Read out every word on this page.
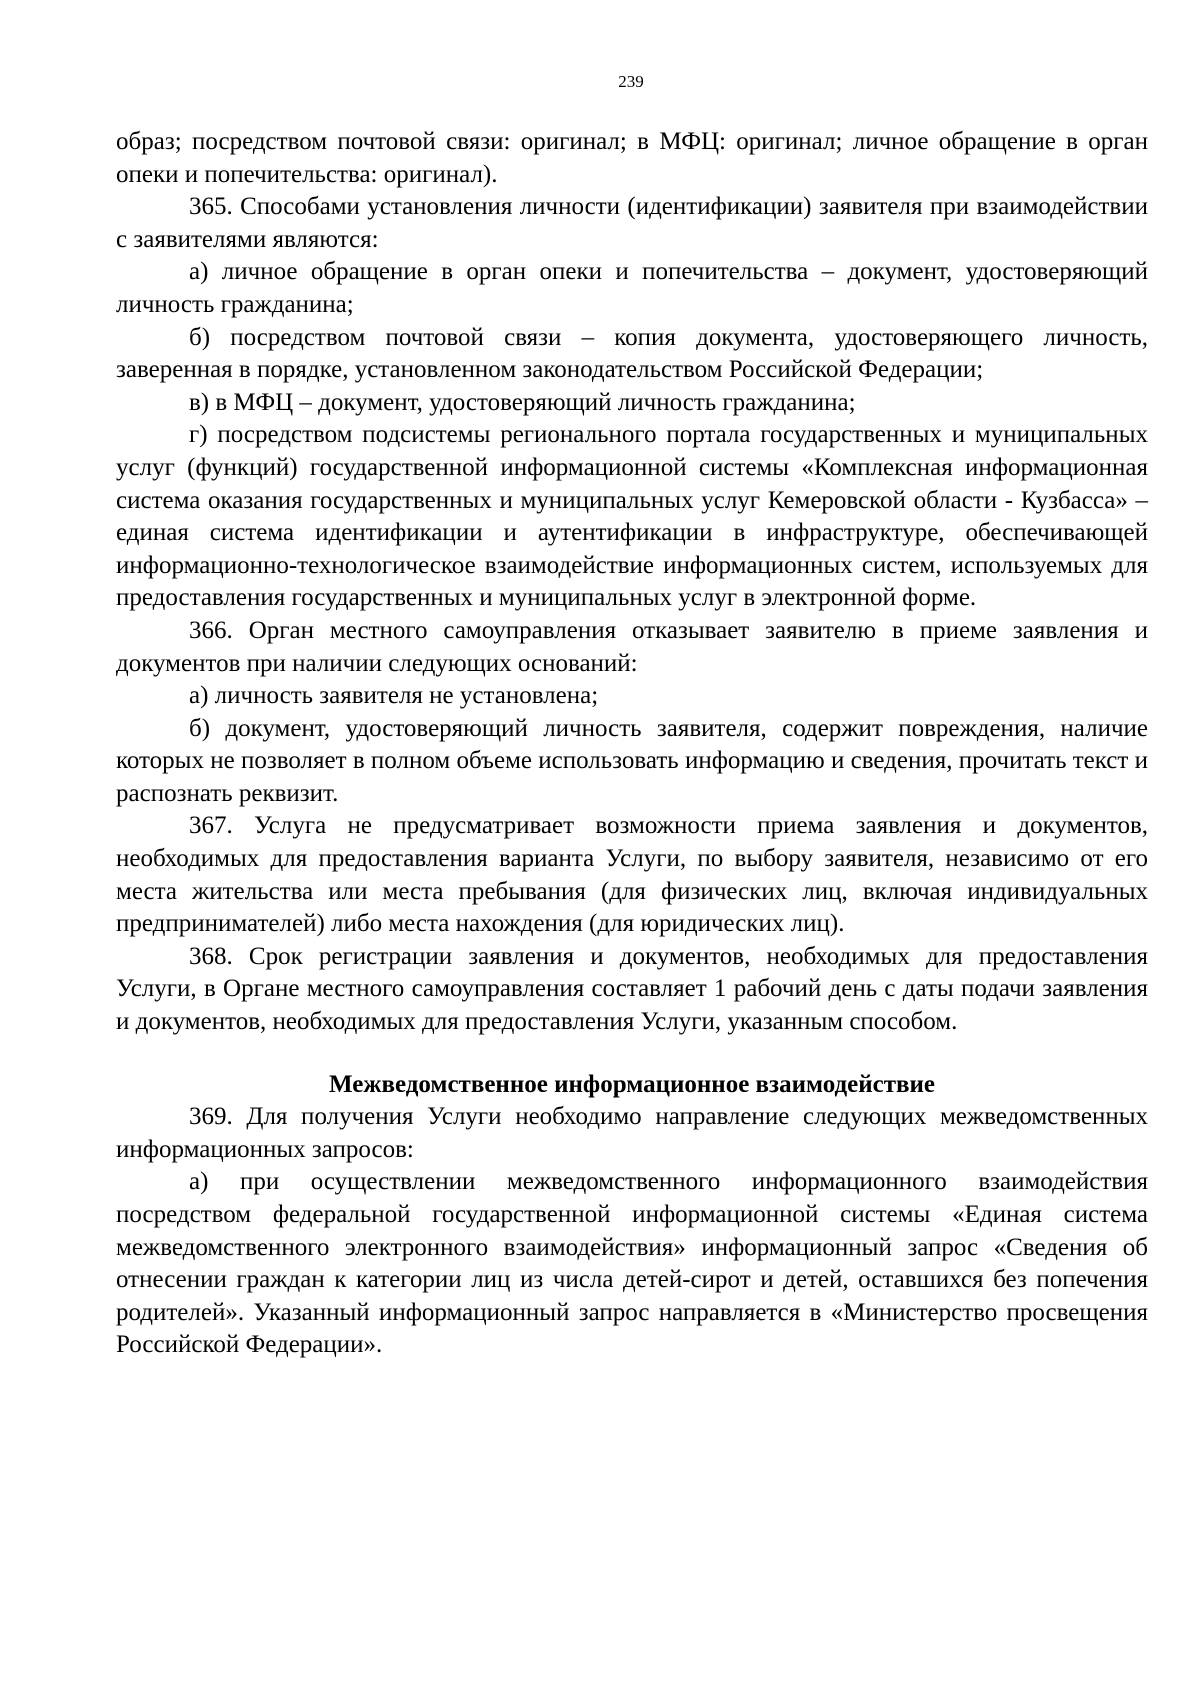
239

образ; посредством почтовой связи: оригинал; в МФЦ: оригинал; личное обращение в орган опеки и попечительства: оригинал).

365. Способами установления личности (идентификации) заявителя при взаимодействии с заявителями являются:

а) личное обращение в орган опеки и попечительства – документ, удостоверяющий личность гражданина;

б) посредством почтовой связи – копия документа, удостоверяющего личность, заверенная в порядке, установленном законодательством Российской Федерации;

в) в МФЦ – документ, удостоверяющий личность гражданина;

г) посредством подсистемы регионального портала государственных и муниципальных услуг (функций) государственной информационной системы «Комплексная информационная система оказания государственных и муниципальных услуг Кемеровской области - Кузбасса» – единая система идентификации и аутентификации в инфраструктуре, обеспечивающей информационно-технологическое взаимодействие информационных систем, используемых для предоставления государственных и муниципальных услуг в электронной форме.

366. Орган местного самоуправления отказывает заявителю в приеме заявления и документов при наличии следующих оснований:

а) личность заявителя не установлена;

б) документ, удостоверяющий личность заявителя, содержит повреждения, наличие которых не позволяет в полном объеме использовать информацию и сведения, прочитать текст и распознать реквизит.

367. Услуга не предусматривает возможности приема заявления и документов, необходимых для предоставления варианта Услуги, по выбору заявителя, независимо от его места жительства или места пребывания (для физических лиц, включая индивидуальных предпринимателей) либо места нахождения (для юридических лиц).

368. Срок регистрации заявления и документов, необходимых для предоставления Услуги, в Органе местного самоуправления составляет 1 рабочий день с даты подачи заявления и документов, необходимых для предоставления Услуги, указанным способом.

Межведомственное информационное взаимодействие

369. Для получения Услуги необходимо направление следующих межведомственных информационных запросов:

а) при осуществлении межведомственного информационного взаимодействия посредством федеральной государственной информационной системы «Единая система межведомственного электронного взаимодействия» информационный запрос «Сведения об отнесении граждан к категории лиц из числа детей-сирот и детей, оставшихся без попечения родителей». Указанный информационный запрос направляется в «Министерство просвещения Российской Федерации».
